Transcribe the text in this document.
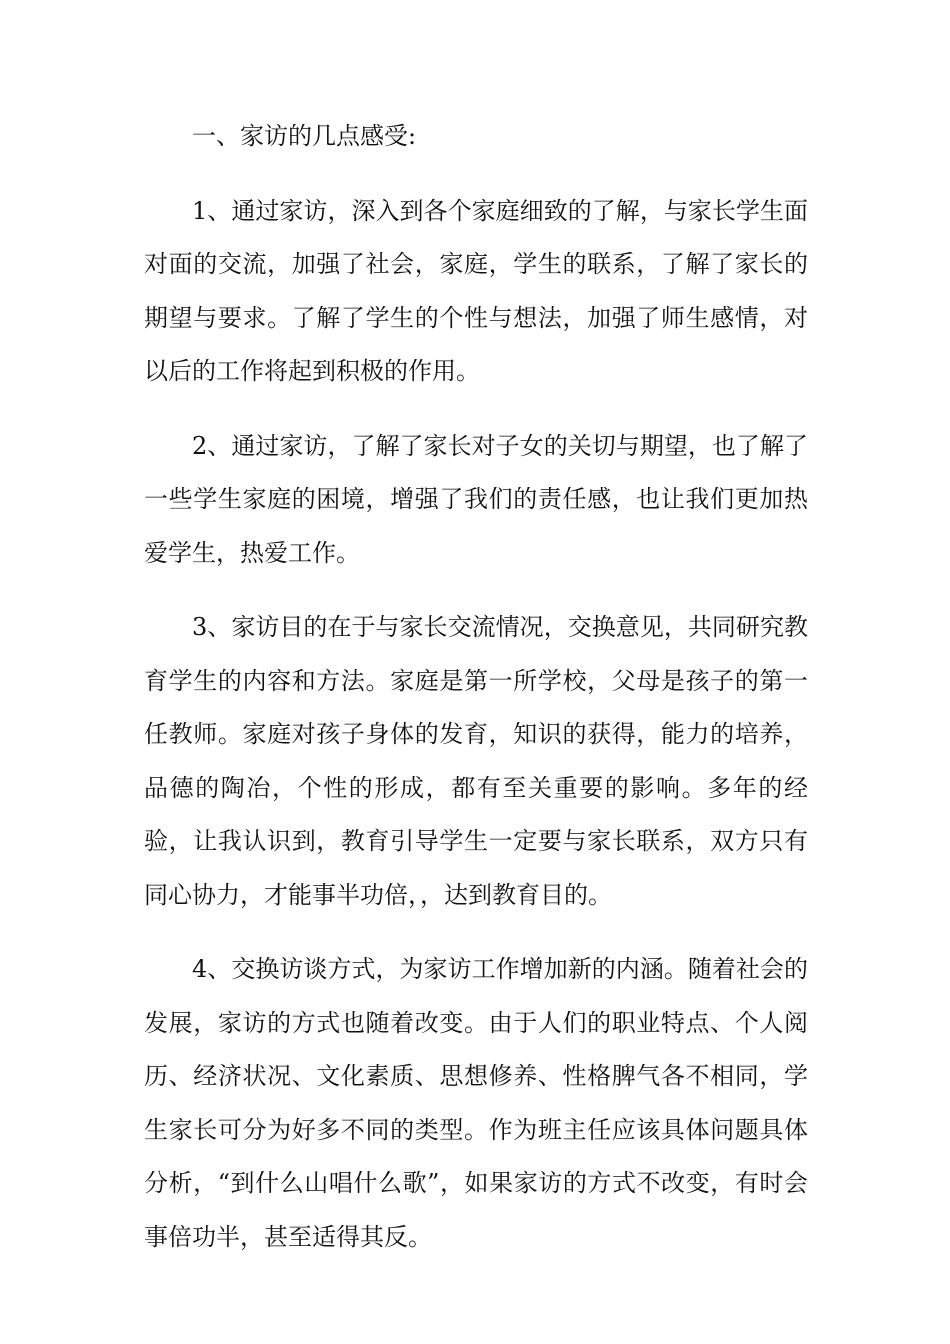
一、家访的几点感受:

1、通过家访，深入到各个家庭细致的了解，与家长学生面对面的交流，加强了社会，家庭，学生的联系，了解了家长的期望与要求。了解了学生的个性与想法，加强了师生感情，对以后的工作将起到积极的作用。

2、通过家访，了解了家长对子女的关切与期望，也了解了一些学生家庭的困境，增强了我们的责任感，也让我们更加热爱学生，热爱工作。

3、家访目的在于与家长交流情况，交换意见，共同研究教育学生的内容和方法。家庭是第一所学校，父母是孩子的第一任教师。家庭对孩子身体的发育，知识的获得，能力的培养，品德的陶冶，个性的形成，都有至关重要的影响。多年的经验，让我认识到，教育引导学生一定要与家长联系，双方只有同心协力，才能事半功倍，，达到教育目的。

4、交换访谈方式，为家访工作增加新的内涵。随着社会的发展，家访的方式也随着改变。由于人们的职业特点、个人阅历、经济状况、文化素质、思想修养、性格脾气各不相同，学生家长可分为好多不同的类型。作为班主任应该具体问题具体分析，“到什么山唱什么歌”，如果家访的方式不改变，有时会事倍功半，甚至适得其反。
